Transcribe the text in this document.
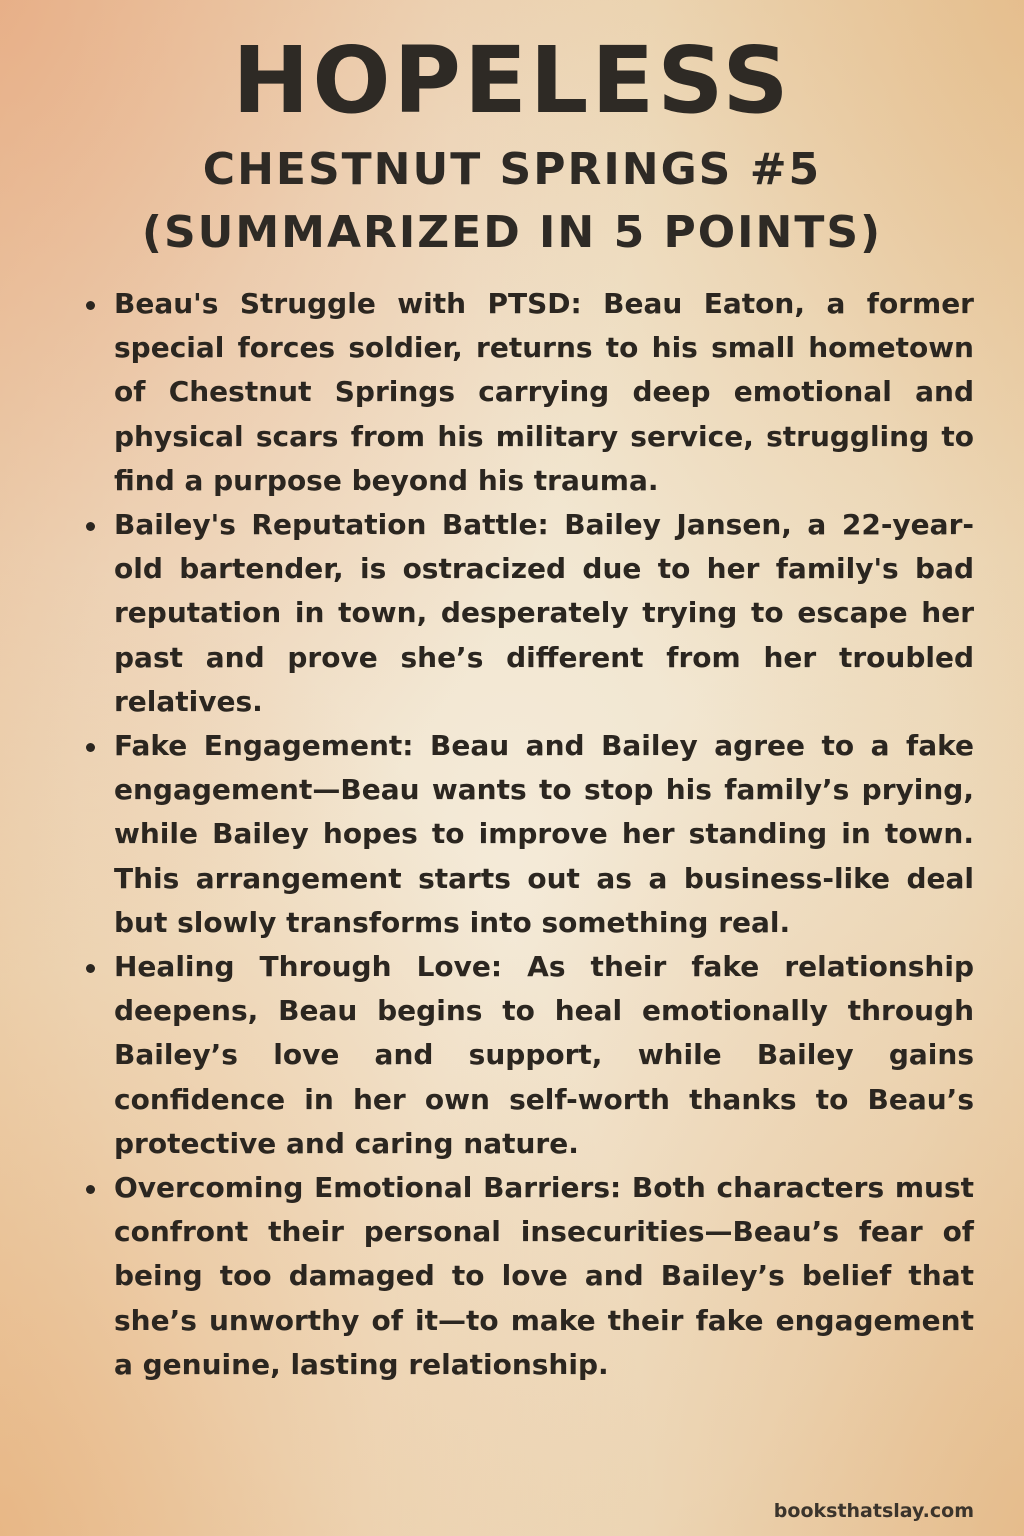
HOPELESS
CHESTNUT SPRINGS #5
(SUMMARIZED IN 5 POINTS)
Beau's Struggle with PTSD: Beau Eaton, a former special forces soldier, returns to his small hometown of Chestnut Springs carrying deep emotional and physical scars from his military service, struggling to find a purpose beyond his trauma.
Bailey's Reputation Battle: Bailey Jansen, a 22-year-old bartender, is ostracized due to her family's bad reputation in town, desperately trying to escape her past and prove she’s different from her troubled relatives.
Fake Engagement: Beau and Bailey agree to a fake engagement—Beau wants to stop his family’s prying, while Bailey hopes to improve her standing in town. This arrangement starts out as a business-like deal but slowly transforms into something real.
Healing Through Love: As their fake relationship deepens, Beau begins to heal emotionally through Bailey’s love and support, while Bailey gains confidence in her own self-worth thanks to Beau’s protective and caring nature.
Overcoming Emotional Barriers: Both characters must confront their personal insecurities—Beau’s fear of being too damaged to love and Bailey’s belief that she’s unworthy of it—to make their fake engagement a genuine, lasting relationship.
booksthatslay.com
